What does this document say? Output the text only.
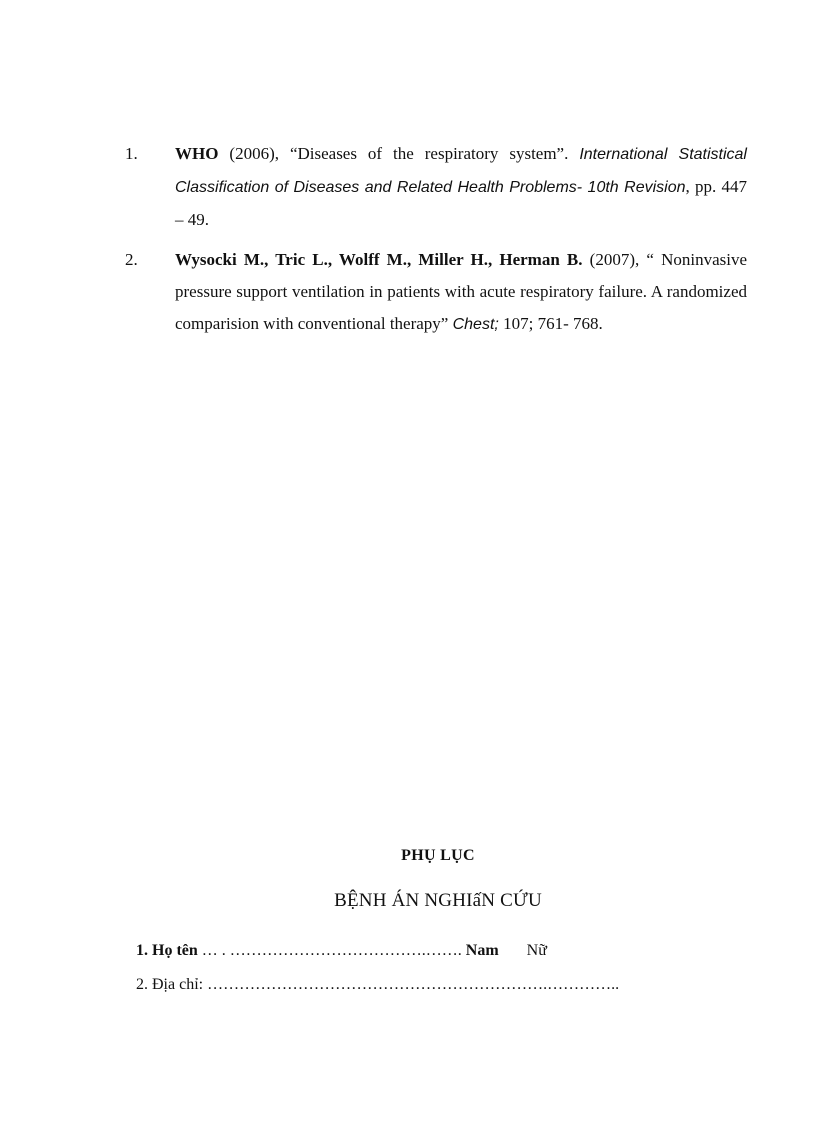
1. WHO (2006), “Diseases of the respiratory system”. International Statistical Classification of Diseases and Related Health Problems- 10th Revision, pp. 447 – 49.
2. Wysocki M., Tric L., Wolff M., Miller H., Herman B. (2007), “ Noninvasive pressure support ventilation in patients with acute respiratory failure. A randomized comparision with conventional therapy” Chest; 107; 761- 768.
PHỤ LỤC
BỆNH ÁN NGHIấN CỨU
1. Họ tên … . ……………………………….……. Nam Nữ
2. Địa chỉ: ……………………………………………………….…………..
